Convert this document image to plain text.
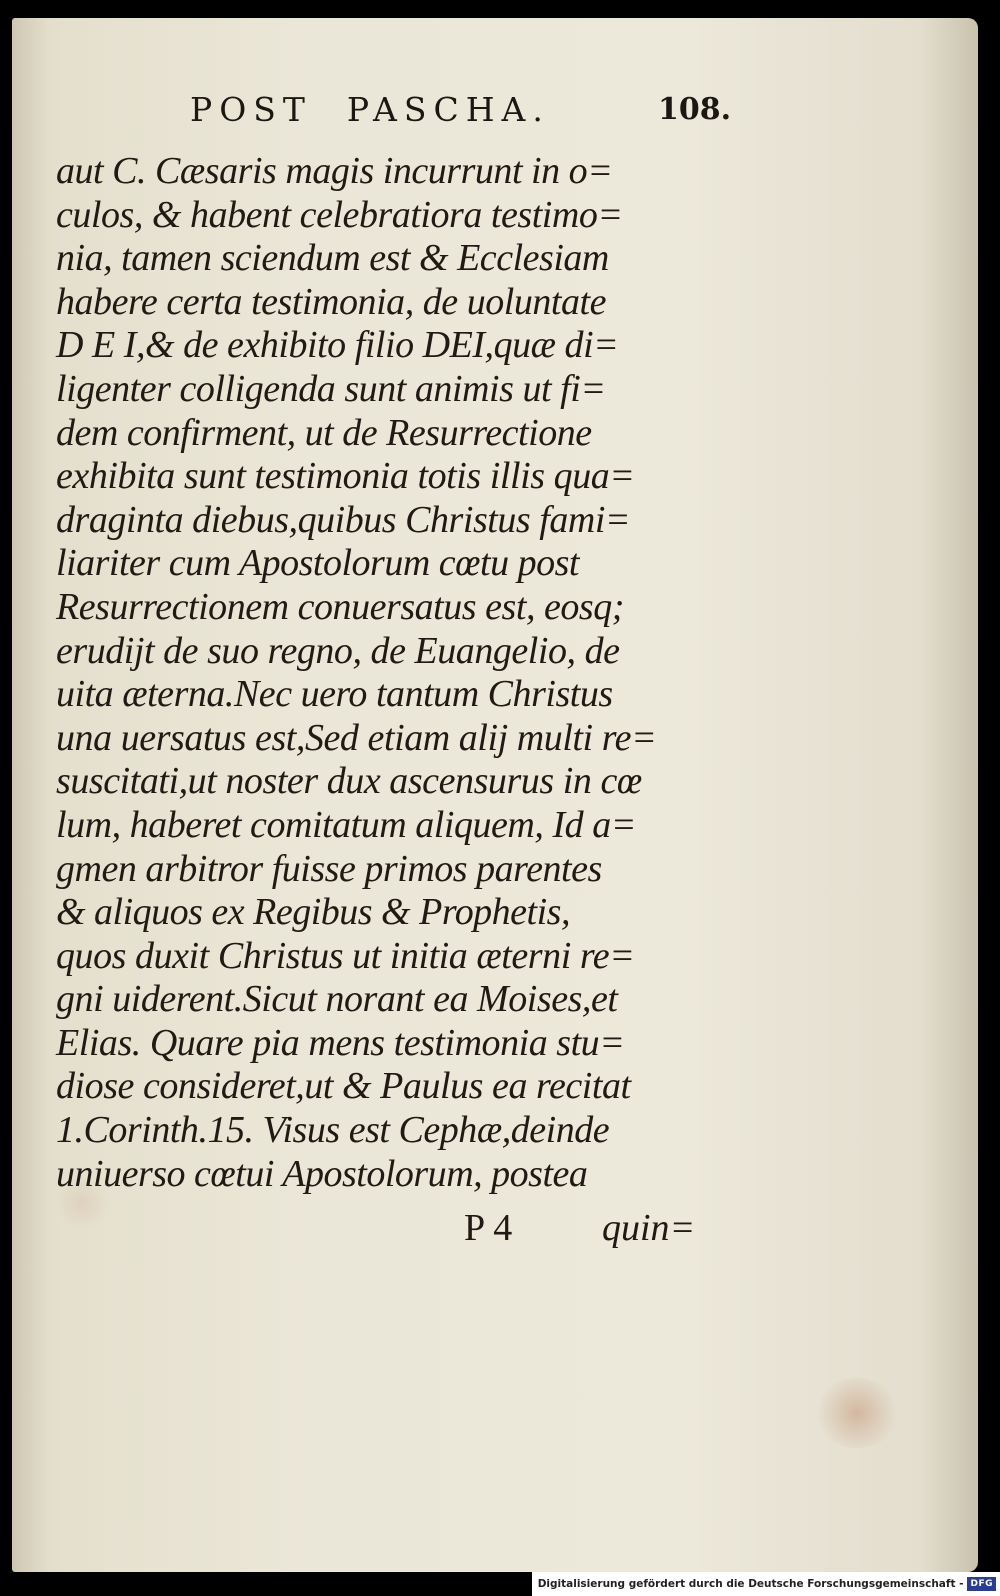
POST  PASCHA.	108.
aut C. Cæsaris magis incurrunt in o=
culos, & habent celebratiora testimo=
nia, tamen sciendum est & Ecclesiam
habere certa testimonia, de uoluntate
D E I,& de exhibito filio DEI,quæ di=
ligenter colligenda sunt animis ut fi=
dem confirment, ut de Resurrectione
exhibita sunt testimonia totis illis qua=
draginta diebus,quibus Christus fami=
liariter cum Apostolorum cœtu post
Resurrectionem conuersatus est, eosq;
erudijt de suo regno, de Euangelio, de
uita æterna.Nec uero tantum Christus
una uersatus est,Sed etiam alij multi re=
suscitati,ut noster dux ascensurus in cœ
lum, haberet comitatum aliquem, Id a=
gmen arbitror fuisse primos parentes
& aliquos ex Regibus & Prophetis,
quos duxit Christus ut initia æterni re=
gni uiderent.Sicut norant ea Moises,et
Elias. Quare pia mens testimonia stu=
diose consideret,ut & Paulus ea recitat
1.Corinth.15. Visus est Cephæ,deinde
uniuerso cœtui Apostolorum, postea
P 4 quin=
Digitalisierung gefördert durch die Deutsche Forschungsgemeinschaft - DFG
